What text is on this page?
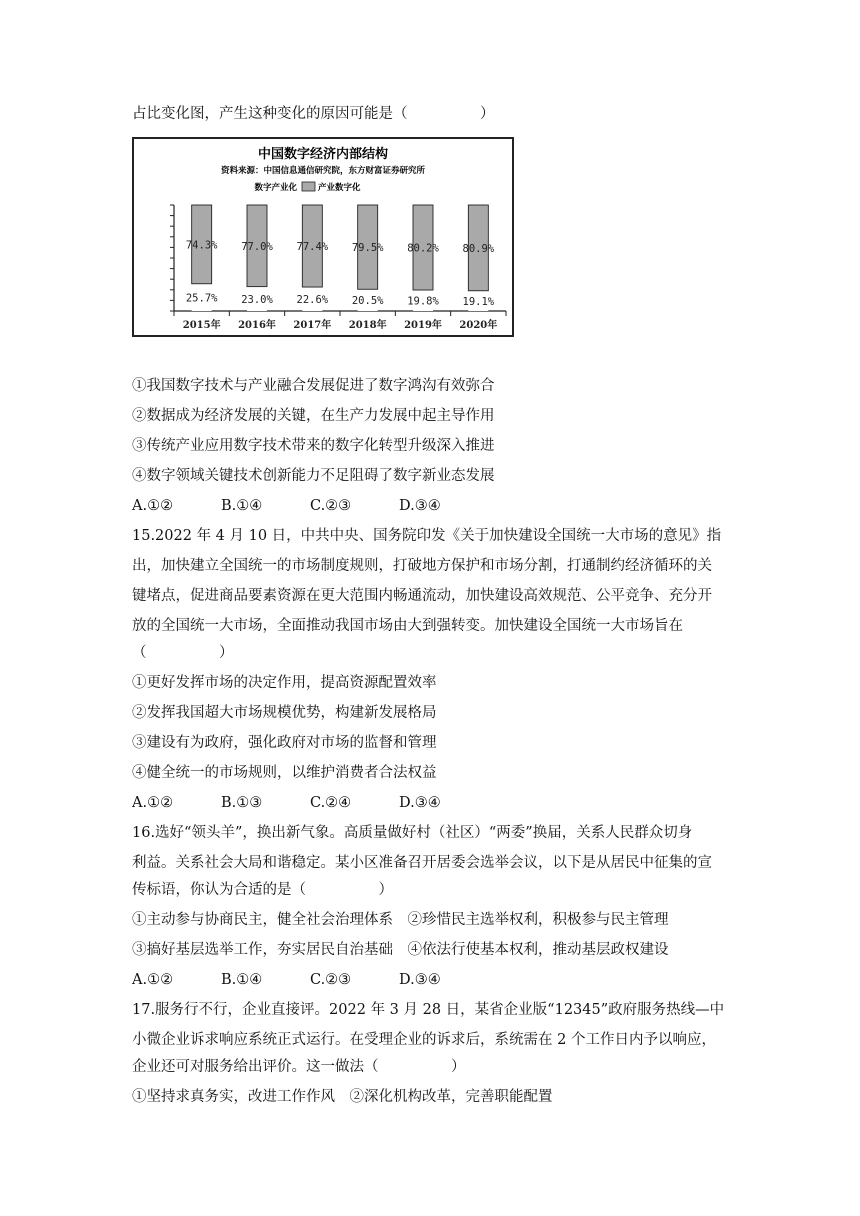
占比变化图，产生这种变化的原因可能是（　　　　　）
中国数字经济内部结构
资料来源：中国信息通信研究院，东方财富证券研究所
数字产业化 产业数字化
74.3%
25.7%
2015年
77.0%
23.0%
2016年
77.4%
22.6%
2017年
79.5%
20.5%
2018年
80.2%
19.8%
2019年
80.9%
19.1%
2020年
①我国数字技术与产业融合发展促进了数字鸿沟有效弥合
②数据成为经济发展的关键，在生产力发展中起主导作用
③传统产业应用数字技术带来的数字化转型升级深入推进
④数字领域关键技术创新能力不足阻碍了数字新业态发展
A.①②	B.①④	C.②③	D.③④
15.2022 年 4 月 10 日，中共中央、国务院印发《关于加快建设全国统一大市场的意见》指
出，加快建立全国统一的市场制度规则，打破地方保护和市场分割，打通制约经济循环的关
键堵点，促进商品要素资源在更大范围内畅通流动，加快建设高效规范、公平竞争、充分开
放的全国统一大市场，全面推动我国市场由大到强转变。加快建设全国统一大市场旨在
（　　　　　）
①更好发挥市场的决定作用，提高资源配置效率
②发挥我国超大市场规模优势，构建新发展格局
③建设有为政府，强化政府对市场的监督和管理
④健全统一的市场规则，以维护消费者合法权益
A.①②	B.①③	C.②④	D.③④
16.选好“领头羊”，换出新气象。高质量做好村（社区）“两委”换届，关系人民群众切身
利益。关系社会大局和谐稳定。某小区准备召开居委会选举会议，以下是从居民中征集的宣
传标语，你认为合适的是（　　　　　）
①主动参与协商民主，健全社会治理体系　②珍惜民主选举权利，积极参与民主管理
③搞好基层选举工作，夯实居民自治基础　④依法行使基本权利，推动基层政权建设
A.①②	B.①④	C.②③	D.③④
17.服务行不行，企业直接评。2022 年 3 月 28 日，某省企业版“12345”政府服务热线—中
小微企业诉求响应系统正式运行。在受理企业的诉求后，系统需在 2 个工作日内予以响应，
企业还可对服务给出评价。这一做法（　　　　　）
①坚持求真务实，改进工作作风　②深化机构改革，完善职能配置
